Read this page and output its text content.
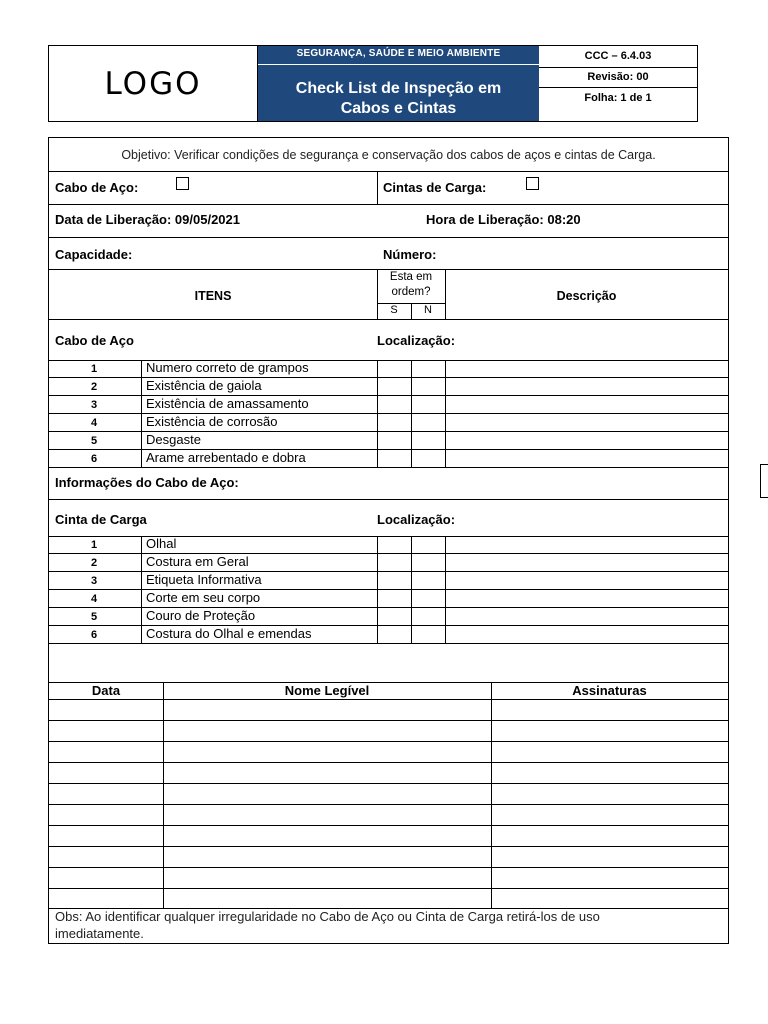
LOGO
SEGURANÇA, SAÚDE E MEIO AMBIENTE
Check List de Inspeção em
Cabos e Cintas
CCC – 6.4.03
Revisão: 00
Folha: 1 de 1
Objetivo: Verificar condições de segurança e conservação dos cabos de aços e cintas de Carga.
Cabo de Aço:	Cintas de Carga:
Data de Liberação: 09/05/2021	Hora de Liberação: 08:20
Capacidade:	Número:
ITENS
Esta em
ordem?
S	N
Descrição
Cabo de Aço	Localização:
1	Numero correto de grampos
2	Existência de gaiola
3	Existência de amassamento
4	Existência de corrosão
5	Desgaste
6	Arame arrebentado e dobra
Informações do Cabo de Aço:
Cinta de Carga	Localização:
1	Olhal
2	Costura em Geral
3	Etiqueta Informativa
4	Corte em seu corpo
5	Couro de Proteção
6	Costura do Olhal e emendas
Data	Nome Legível	Assinaturas
Obs: Ao identificar qualquer irregularidade no Cabo de Aço ou Cinta de Carga retirá-los de uso
imediatamente.
